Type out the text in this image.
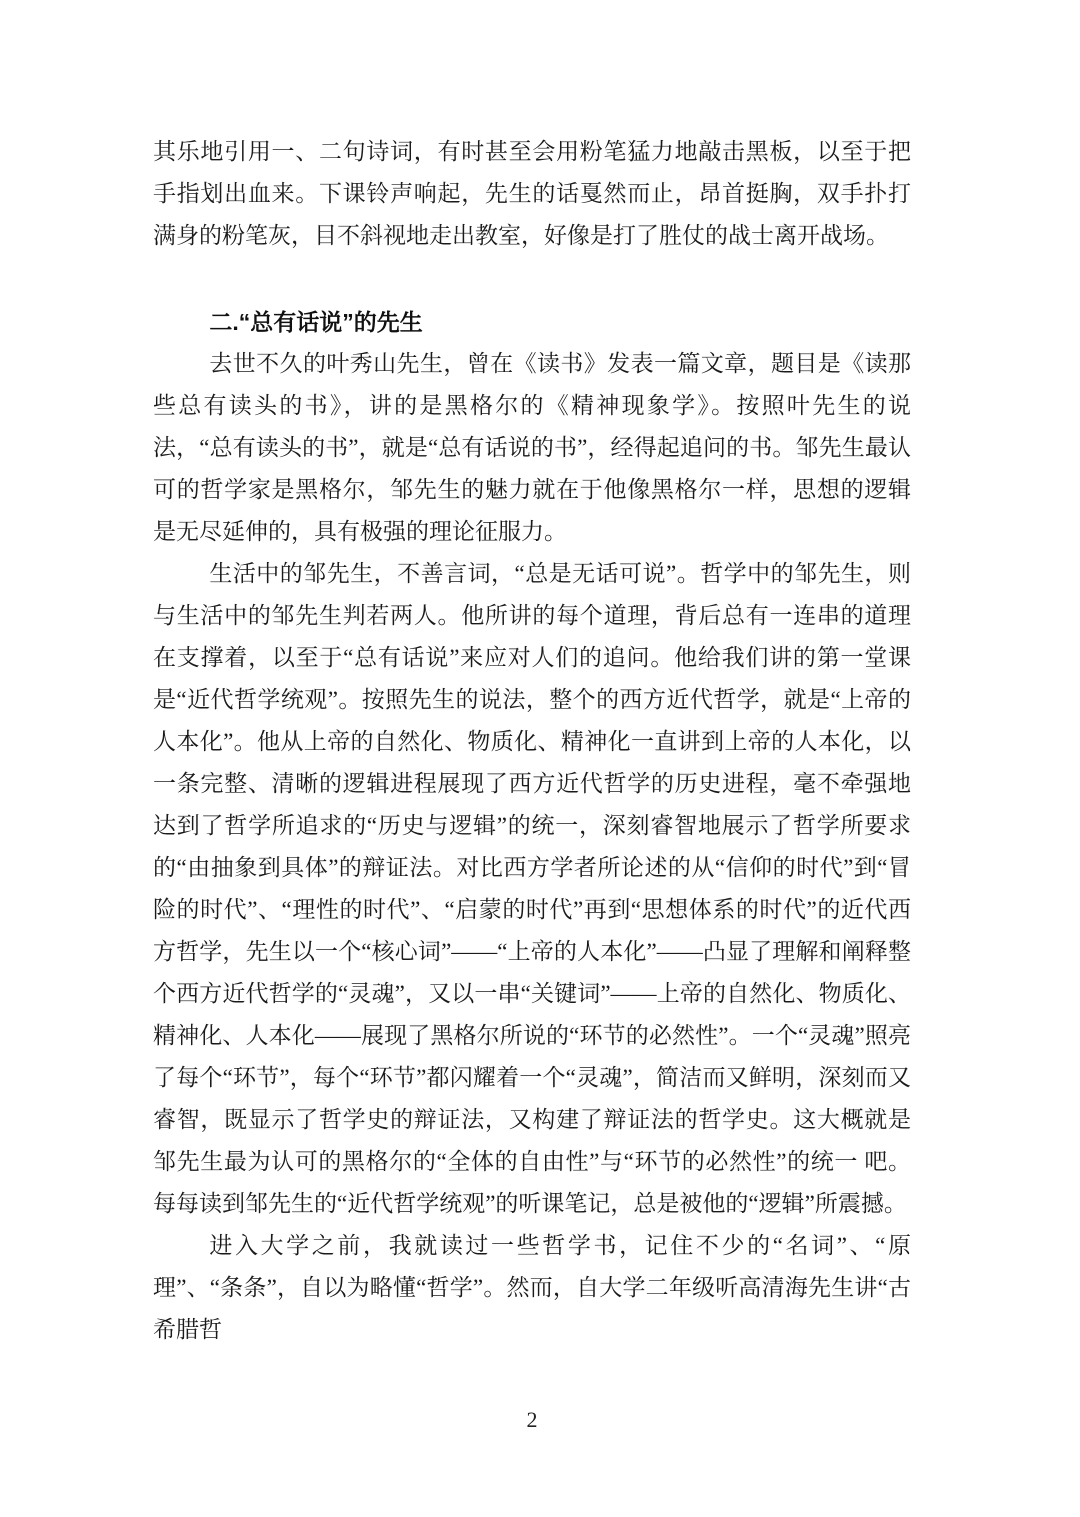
其乐地引用一、二句诗词，有时甚至会用粉笔猛力地敲击黑板，以至于把手指划出血来。下课铃声响起，先生的话戛然而止，昂首挺胸，双手扑打满身的粉笔灰，目不斜视地走出教室，好像是打了胜仗的战士离开战场。

二.“总有话说”的先生

去世不久的叶秀山先生，曾在《读书》发表一篇文章，题目是《读那些总有读头的书》，讲的是黑格尔的《精神现象学》。按照叶先生的说法，“总有读头的书”，就是“总有话说的书”，经得起追问的书。邹先生最认可的哲学家是黑格尔，邹先生的魅力就在于他像黑格尔一样，思想的逻辑是无尽延伸的，具有极强的理论征服力。

生活中的邹先生，不善言词，“总是无话可说”。哲学中的邹先生，则与生活中的邹先生判若两人。他所讲的每个道理，背后总有一连串的道理在支撑着，以至于“总有话说”来应对人们的追问。他给我们讲的第一堂课是“近代哲学统观”。按照先生的说法，整个的西方近代哲学，就是“上帝的人本化”。他从上帝的自然化、物质化、精神化一直讲到上帝的人本化，以一条完整、清晰的逻辑进程展现了西方近代哲学的历史进程，毫不牵强地达到了哲学所追求的“历史与逻辑”的统一，深刻睿智地展示了哲学所要求的“由抽象到具体”的辩证法。对比西方学者所论述的从“信仰的时代”到“冒险的时代”、“理性的时代”、“启蒙的时代”再到“思想体系的时代”的近代西方哲学，先生以一个“核心词”——“上帝的人本化”——凸显了理解和阐释整个西方近代哲学的“灵魂”，又以一串“关键词”——上帝的自然化、物质化、精神化、人本化——展现了黑格尔所说的“环节的必然性”。一个“灵魂”照亮了每个“环节”，每个“环节”都闪耀着一个“灵魂”，简洁而又鲜明，深刻而又睿智，既显示了哲学史的辩证法，又构建了辩证法的哲学史。这大概就是邹先生最为认可的黑格尔的“全体的自由性”与“环节的必然性”的统一 吧。每每读到邹先生的“近代哲学统观”的听课笔记，总是被他的“逻辑”所震撼。

进入大学之前，我就读过一些哲学书，记住不少的“名词”、“原理”、“条条”，自以为略懂“哲学”。然而，自大学二年级听高清海先生讲“古希腊哲

2
